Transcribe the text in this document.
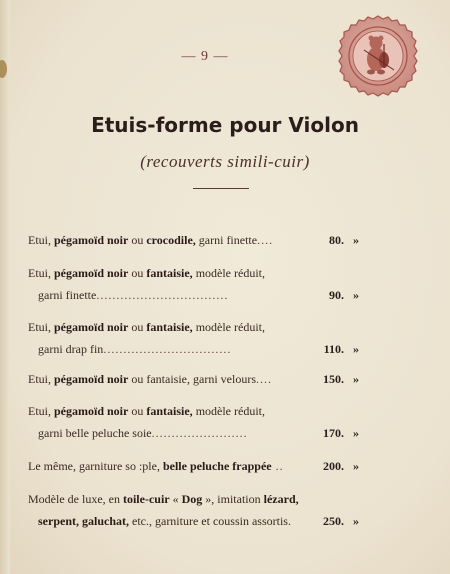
— 9 —
Etuis-forme pour Violon
(recouverts simili-cuir)
Etui, pégamoïd noir ou crocodile, garni finette....	80. »
Etui, pégamoïd noir ou fantaisie, modèle réduit,
garni finette.................................	90. »
Etui, pégamoïd noir ou fantaisie, modèle réduit,
garni drap fin................................	110. »
Etui, pégamoïd noir ou fantaisie, garni velours....	150. »
Etui, pégamoïd noir ou fantaisie, modèle réduit,
garni belle peluche soie........................	170. »
Le même, garniture so :ple, belle peluche frappée ..	200. »
Modèle de luxe, en toile-cuir « Dog », imitation lézard,
serpent, galuchat, etc., garniture et coussin assortis.	250. »
